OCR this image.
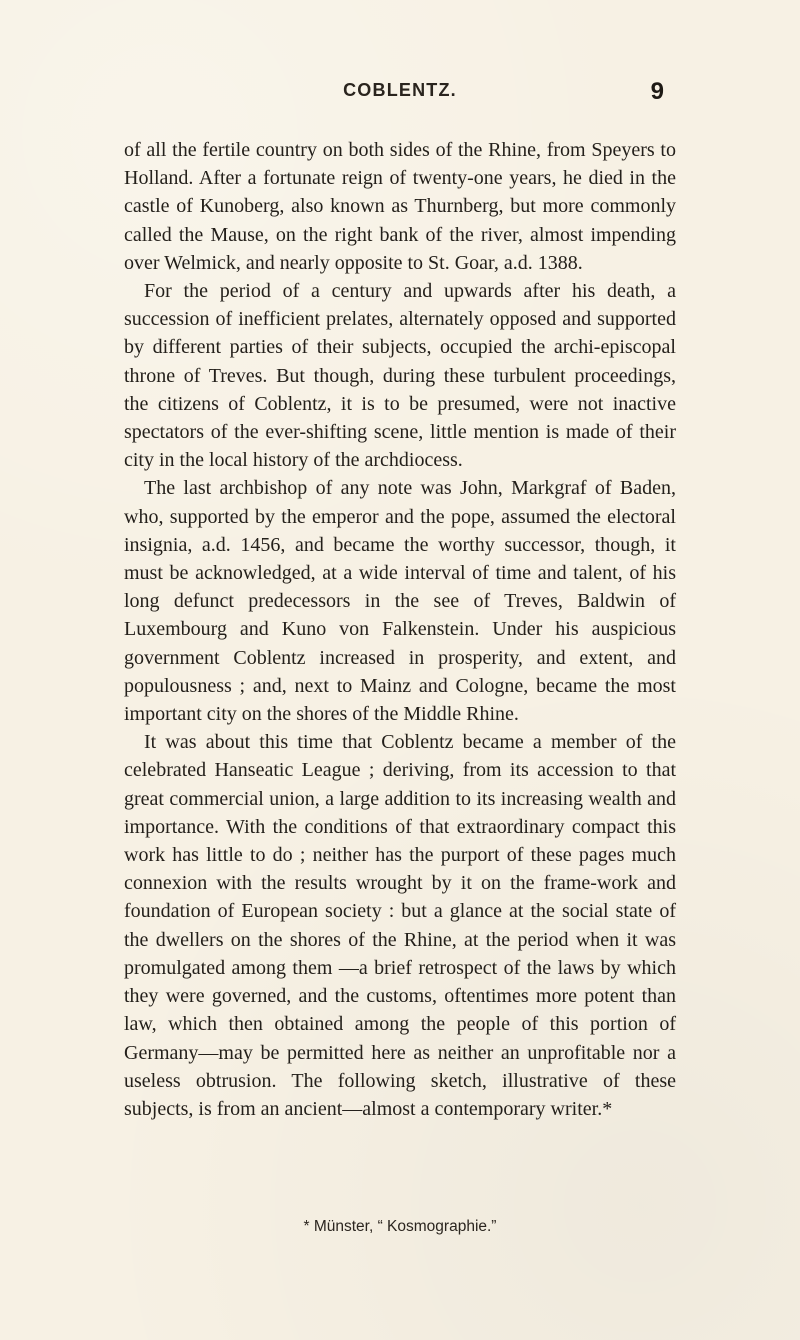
COBLENTZ.	9

of all the fertile country on both sides of the Rhine, from Speyers to Holland. After a fortunate reign of twenty-one years, he died in the castle of Kunoberg, also known as Thurnberg, but more commonly called the Mause, on the right bank of the river, almost impending over Welmick, and nearly opposite to St. Goar, a.d. 1388.

For the period of a century and upwards after his death, a succession of inefficient prelates, alternately opposed and supported by different parties of their subjects, occupied the archi-episcopal throne of Treves. But though, during these turbulent proceedings, the citizens of Coblentz, it is to be presumed, were not inactive spectators of the ever-shifting scene, little mention is made of their city in the local history of the archdiocess.

The last archbishop of any note was John, Markgraf of Baden, who, supported by the emperor and the pope, assumed the electoral insignia, a.d. 1456, and became the worthy successor, though, it must be acknowledged, at a wide interval of time and talent, of his long defunct predecessors in the see of Treves, Baldwin of Luxembourg and Kuno von Falkenstein. Under his auspicious government Coblentz increased in prosperity, and extent, and populousness ; and, next to Mainz and Cologne, became the most important city on the shores of the Middle Rhine.

It was about this time that Coblentz became a member of the celebrated Hanseatic League ; deriving, from its accession to that great commercial union, a large addition to its increasing wealth and importance. With the conditions of that extraordinary compact this work has little to do ; neither has the purport of these pages much connexion with the results wrought by it on the frame-work and foundation of European society : but a glance at the social state of the dwellers on the shores of the Rhine, at the period when it was promulgated among them —a brief retrospect of the laws by which they were governed, and the customs, oftentimes more potent than law, which then obtained among the people of this portion of Germany—may be permitted here as neither an unprofitable nor a useless obtrusion. The following sketch, illustrative of these subjects, is from an ancient—almost a contemporary writer.*

* Münster, “ Kosmographie.”
